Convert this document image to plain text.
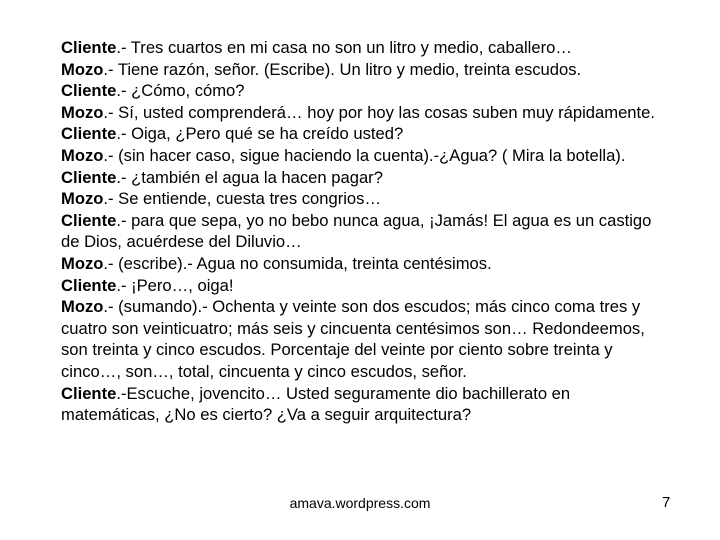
Cliente.- Tres cuartos en mi casa no son un litro y medio, caballero…

Mozo.- Tiene razón, señor. (Escribe). Un litro y medio, treinta escudos.

Cliente.- ¿Cómo, cómo?

Mozo.- Sí, usted comprenderá… hoy por hoy las cosas suben muy rápidamente.

Cliente.- Oiga, ¿Pero qué se ha creído usted?

Mozo.- (sin hacer caso, sigue haciendo la cuenta).-¿Agua? ( Mira la botella).

Cliente.- ¿también el agua la hacen pagar?

Mozo.- Se entiende, cuesta tres congrios…

Cliente.- para que sepa, yo no bebo nunca agua, ¡Jamás! El agua es un castigo de Dios, acuérdese del Diluvio…

Mozo.- (escribe).- Agua no consumida, treinta centésimos.

Cliente.- ¡Pero…, oiga!

Mozo.- (sumando).- Ochenta y veinte son dos escudos; más cinco coma tres y cuatro son veinticuatro; más seis y cincuenta centésimos son… Redondeemos, son treinta y cinco escudos. Porcentaje del veinte por ciento sobre treinta y cinco…, son…, total, cincuenta y cinco escudos, señor.

Cliente.-Escuche, jovencito… Usted seguramente dio bachillerato en matemáticas, ¿No es cierto? ¿Va a seguir arquitectura?

amava.wordpress.com	7
